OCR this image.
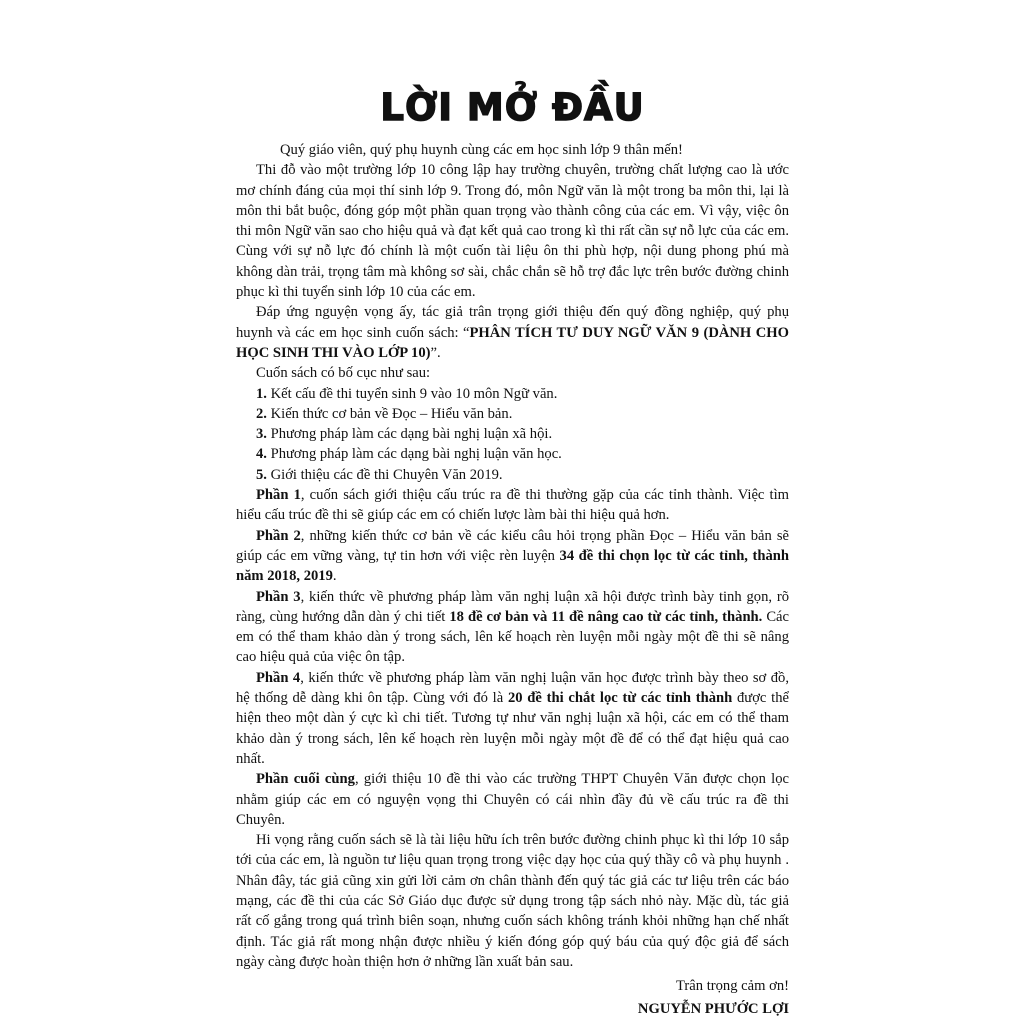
LỜI MỞ ĐẦU

Quý giáo viên, quý phụ huynh cùng các em học sinh lớp 9 thân mến!

Thi đỗ vào một trường lớp 10 công lập hay trường chuyên, trường chất lượng cao là ước mơ chính đáng của mọi thí sinh lớp 9. Trong đó, môn Ngữ văn là một trong ba môn thi, lại là môn thi bắt buộc, đóng góp một phần quan trọng vào thành công của các em. Vì vậy, việc ôn thi môn Ngữ văn sao cho hiệu quả và đạt kết quả cao trong kì thi rất cần sự nỗ lực của các em. Cùng với sự nỗ lực đó chính là một cuốn tài liệu ôn thi phù hợp, nội dung phong phú mà không dàn trải, trọng tâm mà không sơ sài, chắc chắn sẽ hỗ trợ đắc lực trên bước đường chinh phục kì thi tuyển sinh lớp 10 của các em.

Đáp ứng nguyện vọng ấy, tác giả trân trọng giới thiệu đến quý đồng nghiệp, quý phụ huynh và các em học sinh cuốn sách: “PHÂN TÍCH TƯ DUY NGỮ VĂN 9 (DÀNH CHO HỌC SINH THI VÀO LỚP 10)”.

Cuốn sách có bố cục như sau:

1. Kết cấu đề thi tuyển sinh 9 vào 10 môn Ngữ văn.
2. Kiến thức cơ bản về Đọc – Hiểu văn bản.
3. Phương pháp làm các dạng bài nghị luận xã hội.
4. Phương pháp làm các dạng bài nghị luận văn học.
5. Giới thiệu các đề thi Chuyên Văn 2019.

Phần 1, cuốn sách giới thiệu cấu trúc ra đề thi thường gặp của các tỉnh thành. Việc tìm hiểu cấu trúc đề thi sẽ giúp các em có chiến lược làm bài thi hiệu quả hơn.

Phần 2, những kiến thức cơ bản về các kiểu câu hỏi trọng phần Đọc – Hiểu văn bản sẽ giúp các em vững vàng, tự tin hơn với việc rèn luyện 34 đề thi chọn lọc từ các tỉnh, thành năm 2018, 2019.

Phần 3, kiến thức về phương pháp làm văn nghị luận xã hội được trình bày tinh gọn, rõ ràng, cùng hướng dẫn dàn ý chi tiết 18 đề cơ bản và 11 đề nâng cao từ các tỉnh, thành. Các em có thể tham khảo dàn ý trong sách, lên kế hoạch rèn luyện mỗi ngày một đề thi sẽ nâng cao hiệu quả của việc ôn tập.

Phần 4, kiến thức về phương pháp làm văn nghị luận văn học được trình bày theo sơ đồ, hệ thống dễ dàng khi ôn tập. Cùng với đó là 20 đề thi chắt lọc từ các tỉnh thành được thể hiện theo một dàn ý cực kì chi tiết. Tương tự như văn nghị luận xã hội, các em có thể tham khảo dàn ý trong sách, lên kế hoạch rèn luyện mỗi ngày một đề để có thể đạt hiệu quả cao nhất.

Phần cuối cùng, giới thiệu 10 đề thi vào các trường THPT Chuyên Văn được chọn lọc nhằm giúp các em có nguyện vọng thi Chuyên có cái nhìn đầy đủ về cấu trúc ra đề thi Chuyên.

Hi vọng rằng cuốn sách sẽ là tài liệu hữu ích trên bước đường chinh phục kì thi lớp 10 sắp tới của các em, là nguồn tư liệu quan trọng trong việc dạy học của quý thầy cô và phụ huynh . Nhân đây, tác giả cũng xin gửi lời cảm ơn chân thành đến quý tác giả các tư liệu trên các báo mạng, các đề thi của các Sở Giáo dục được sử dụng trong tập sách nhỏ này. Mặc dù, tác giả rất cố gắng trong quá trình biên soạn, nhưng cuốn sách không tránh khỏi những hạn chế nhất định. Tác giả rất mong nhận được nhiều ý kiến đóng góp quý báu của quý độc giả để sách ngày càng được hoàn thiện hơn ở những lần xuất bản sau.

Trân trọng cảm ơn!
NGUYỄN PHƯỚC LỢI
